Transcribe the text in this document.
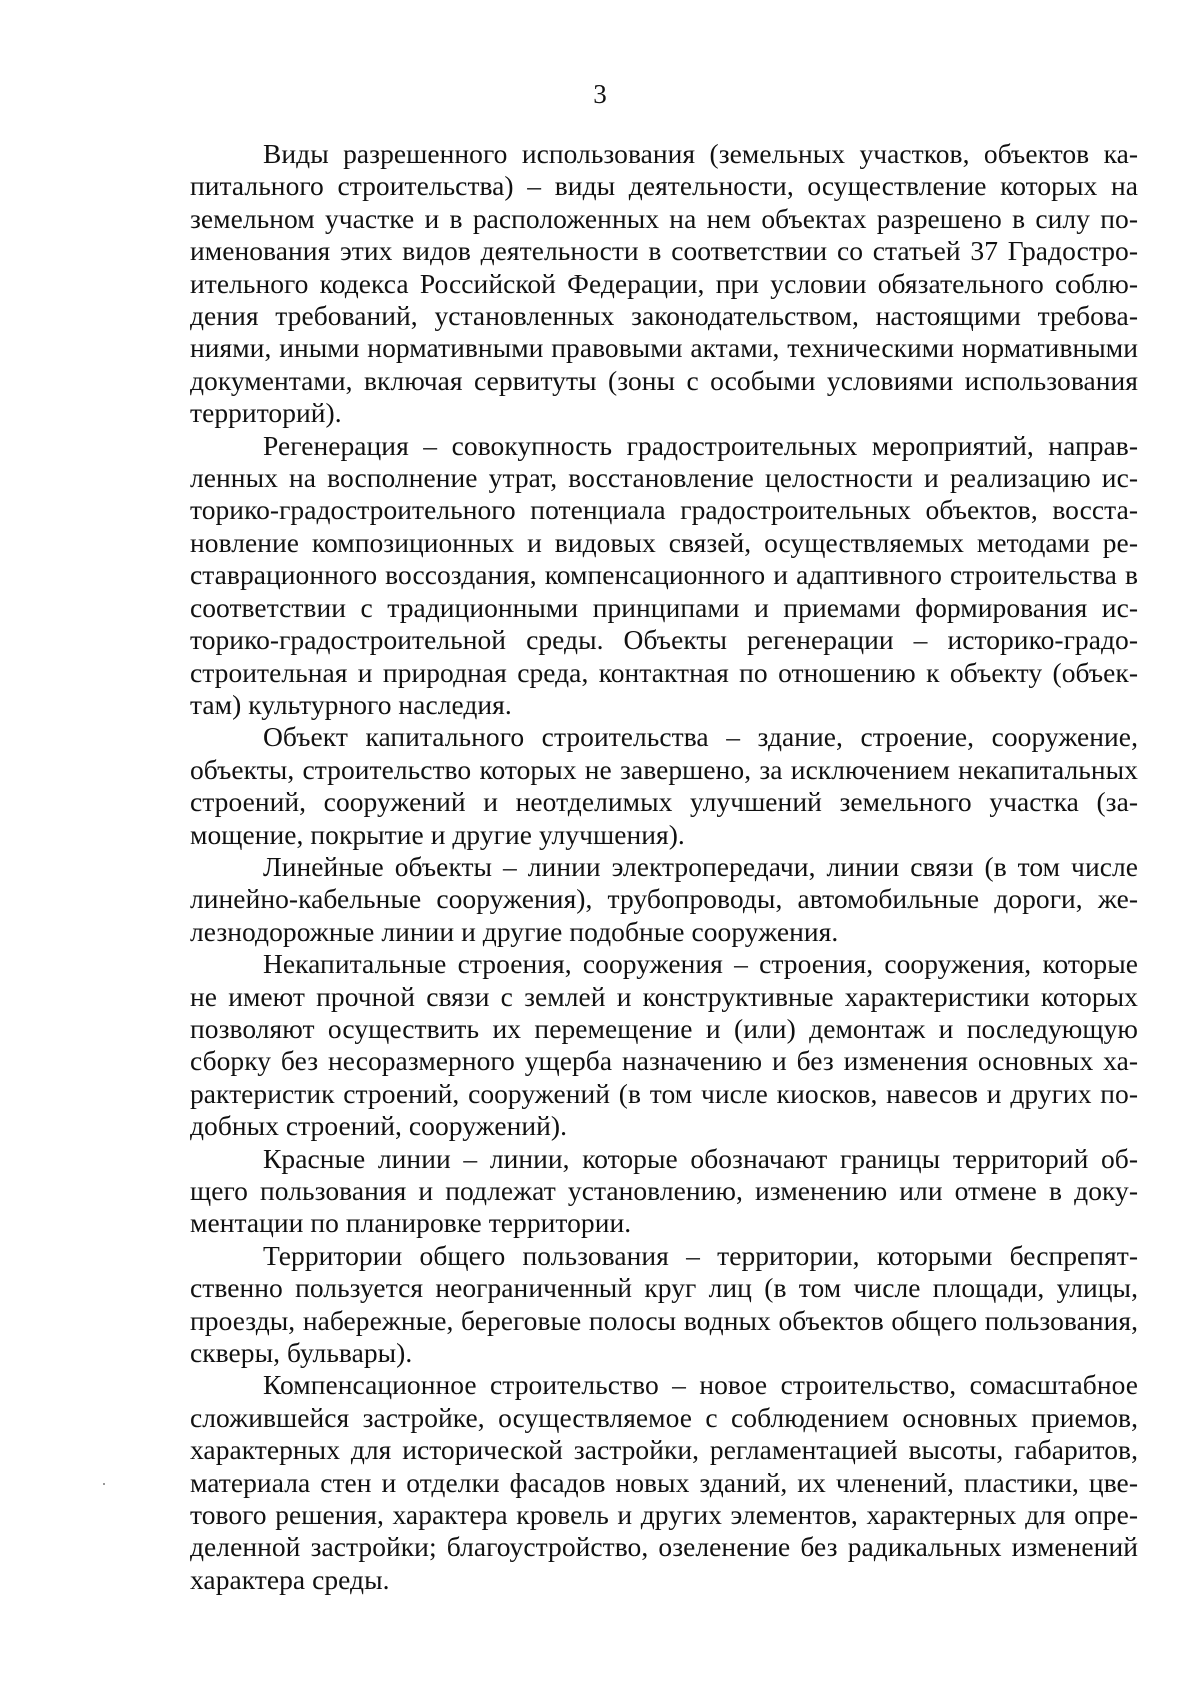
3

Виды разрешенного использования (земельных участков, объектов капитального строительства) – виды деятельности, осуществление которых на земельном участке и в расположенных на нем объектах разрешено в силу поименования этих видов деятельности в соответствии со статьей 37 Градостроительного кодекса Российской Федерации, при условии обязательного соблюдения требований, установленных законодательством, настоящими требованиями, иными нормативными правовыми актами, техническими нормативными документами, включая сервитуты (зоны с особыми условиями использования территорий).

Регенерация – совокупность градостроительных мероприятий, направленных на восполнение утрат, восстановление целостности и реализацию историко-градостроительного потенциала градостроительных объектов, восстановление композиционных и видовых связей, осуществляемых методами реставрационного воссоздания, компенсационного и адаптивного строительства в соответствии с традиционными принципами и приемами формирования историко-градостроительной среды. Объекты регенерации – историко-градостроительная и природная среда, контактная по отношению к объекту (объектам) культурного наследия.

Объект капитального строительства – здание, строение, сооружение, объекты, строительство которых не завершено, за исключением некапитальных строений, сооружений и неотделимых улучшений земельного участка (замощение, покрытие и другие улучшения).

Линейные объекты – линии электропередачи, линии связи (в том числе линейно-кабельные сооружения), трубопроводы, автомобильные дороги, железнодорожные линии и другие подобные сооружения.

Некапитальные строения, сооружения – строения, сооружения, которые не имеют прочной связи с землей и конструктивные характеристики которых позволяют осуществить их перемещение и (или) демонтаж и последующую сборку без несоразмерного ущерба назначению и без изменения основных характеристик строений, сооружений (в том числе киосков, навесов и других подобных строений, сооружений).

Красные линии – линии, которые обозначают границы территорий общего пользования и подлежат установлению, изменению или отмене в документации по планировке территории.

Территории общего пользования – территории, которыми беспрепятственно пользуется неограниченный круг лиц (в том числе площади, улицы, проезды, набережные, береговые полосы водных объектов общего пользования, скверы, бульвары).

Компенсационное строительство – новое строительство, сомасштабное сложившейся застройке, осуществляемое с соблюдением основных приемов, характерных для исторической застройки, регламентацией высоты, габаритов, материала стен и отделки фасадов новых зданий, их членений, пластики, цветового решения, характера кровель и других элементов, характерных для определенной застройки; благоустройство, озеленение без радикальных изменений характера среды.
